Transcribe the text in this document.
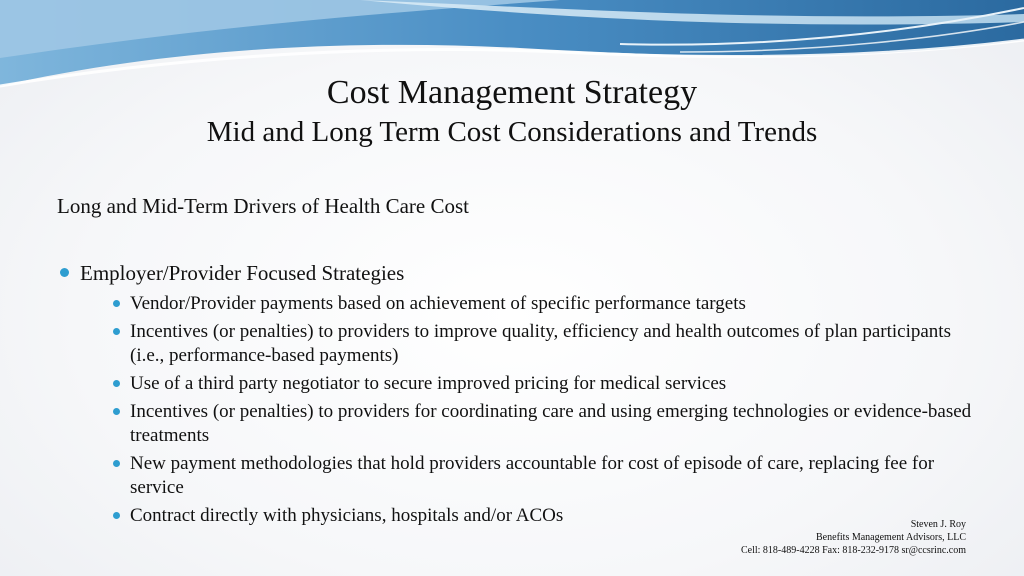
Cost Management Strategy
Mid and Long Term Cost Considerations and Trends
Long and Mid-Term Drivers of Health Care Cost
Employer/Provider Focused Strategies
Vendor/Provider payments based on achievement of specific performance targets
Incentives (or penalties) to providers to improve quality, efficiency and health outcomes of plan participants (i.e., performance-based payments)
Use of a third party negotiator to secure improved pricing for medical services
Incentives (or penalties) to providers for coordinating care and using emerging technologies or evidence-based treatments
New payment methodologies that hold providers accountable for cost of episode of care, replacing fee for service
Contract directly with physicians, hospitals and/or ACOs	Steven J. Roy
Benefits Management Advisors, LLC
Cell: 818-489-4228 Fax: 818-232-9178 sr@ccsrinc.com
